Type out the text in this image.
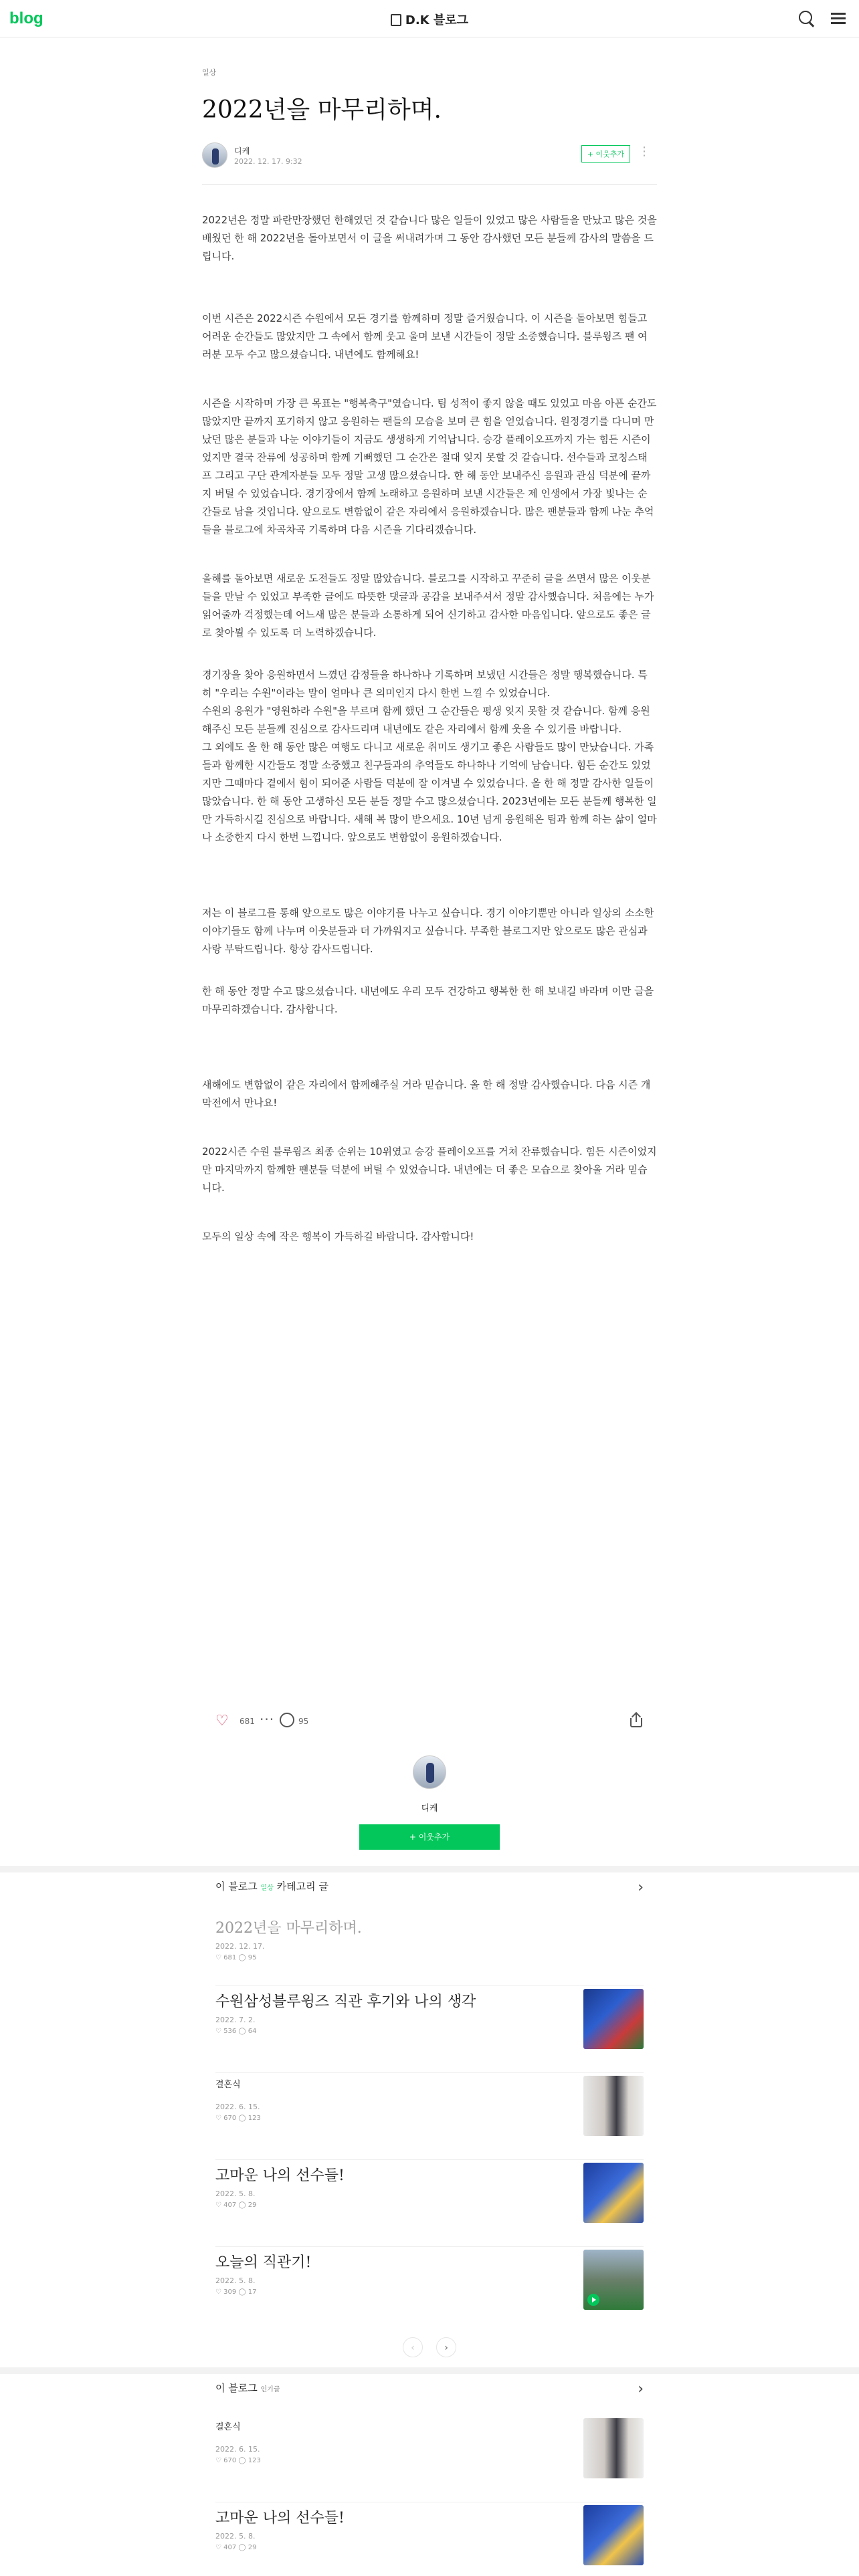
blog	D.K 블로그
일상
2022년을 마무리하며.
디케
2022. 12. 17. 9:32
+ 이웃추가	⋮

2022년은 정말 파란만장했던 한해였던 것 같습니다 많은 일들이 있었고 많은 사람들을 만났고 많은 것을 배웠던 한 해 2022년을 돌아보면서 이 글을 써내려가며 그 동안 감사했던 모든 분들께 감사의 말씀을 드립니다.

이번 시즌은 2022시즌 수원에서 모든 경기를 함께하며 정말 즐거웠습니다. 이 시즌을 돌아보면 힘들고 어려운 순간들도 많았지만 그 속에서 함께 웃고 울며 보낸 시간들이 정말 소중했습니다. 블루윙즈 팬 여러분 모두 수고 많으셨습니다. 내년에도 함께해요!

시즌을 시작하며 가장 큰 목표는 "행복축구"였습니다. 팀 성적이 좋지 않을 때도 있었고 마음 아픈 순간도 많았지만 끝까지 포기하지 않고 응원하는 팬들의 모습을 보며 큰 힘을 얻었습니다. 원정경기를 다니며 만났던 많은 분들과 나눈 이야기들이 지금도 생생하게 기억납니다. 승강 플레이오프까지 가는 힘든 시즌이었지만 결국 잔류에 성공하며 함께 기뻐했던 그 순간은 절대 잊지 못할 것 같습니다. 선수들과 코칭스태프 그리고 구단 관계자분들 모두 정말 고생 많으셨습니다. 한 해 동안 보내주신 응원과 관심 덕분에 끝까지 버틸 수 있었습니다. 경기장에서 함께 노래하고 응원하며 보낸 시간들은 제 인생에서 가장 빛나는 순간들로 남을 것입니다. 앞으로도 변함없이 같은 자리에서 응원하겠습니다. 많은 팬분들과 함께 나눈 추억들을 블로그에 차곡차곡 기록하며 다음 시즌을 기다리겠습니다.

올해를 돌아보면 새로운 도전들도 정말 많았습니다. 블로그를 시작하고 꾸준히 글을 쓰면서 많은 이웃분들을 만날 수 있었고 부족한 글에도 따뜻한 댓글과 공감을 보내주셔서 정말 감사했습니다. 처음에는 누가 읽어줄까 걱정했는데 어느새 많은 분들과 소통하게 되어 신기하고 감사한 마음입니다. 앞으로도 좋은 글로 찾아뵐 수 있도록 더 노력하겠습니다.

경기장을 찾아 응원하면서 느꼈던 감정들을 하나하나 기록하며 보냈던 시간들은 정말 행복했습니다. 특히 "우리는 수원"이라는 말이 얼마나 큰 의미인지 다시 한번 느낄 수 있었습니다.

수원의 응원가 "영원하라 수원"을 부르며 함께 했던 그 순간들은 평생 잊지 못할 것 같습니다. 함께 응원해주신 모든 분들께 진심으로 감사드리며 내년에도 같은 자리에서 함께 웃을 수 있기를 바랍니다.

그 외에도 올 한 해 동안 많은 여행도 다니고 새로운 취미도 생기고 좋은 사람들도 많이 만났습니다. 가족들과 함께한 시간들도 정말 소중했고 친구들과의 추억들도 하나하나 기억에 남습니다. 힘든 순간도 있었지만 그때마다 곁에서 힘이 되어준 사람들 덕분에 잘 이겨낼 수 있었습니다. 올 한 해 정말 감사한 일들이 많았습니다. 한 해 동안 고생하신 모든 분들 정말 수고 많으셨습니다. 2023년에는 모든 분들께 행복한 일만 가득하시길 진심으로 바랍니다. 새해 복 많이 받으세요. 10년 넘게 응원해온 팀과 함께 하는 삶이 얼마나 소중한지 다시 한번 느낍니다. 앞으로도 변함없이 응원하겠습니다.

저는 이 블로그를 통해 앞으로도 많은 이야기를 나누고 싶습니다. 경기 이야기뿐만 아니라 일상의 소소한 이야기들도 함께 나누며 이웃분들과 더 가까워지고 싶습니다. 부족한 블로그지만 앞으로도 많은 관심과 사랑 부탁드립니다. 항상 감사드립니다.

한 해 동안 정말 수고 많으셨습니다. 내년에도 우리 모두 건강하고 행복한 한 해 보내길 바라며 이만 글을 마무리하겠습니다. 감사합니다.

새해에도 변함없이 같은 자리에서 함께해주실 거라 믿습니다. 올 한 해 정말 감사했습니다. 다음 시즌 개막전에서 만나요!

2022시즌 수원 블루윙즈 최종 순위는 10위였고 승강 플레이오프를 거쳐 잔류했습니다. 힘든 시즌이었지만 마지막까지 함께한 팬분들 덕분에 버틸 수 있었습니다. 내년에는 더 좋은 모습으로 찾아올 거라 믿습니다.

모두의 일상 속에 작은 행복이 가득하길 바랍니다. 감사합니다!

♡ 681 ···	95
디케
+ 이웃추가
이 블로그 일상 카테고리 글	›
2022년을 마무리하며.
2022. 12. 17.
♡ 681 ◯ 95
수원삼성블루윙즈 직관 후기와 나의 생각
2022. 7. 2.
♡ 536 ◯ 64
결혼식
2022. 6. 15.
♡ 670 ◯ 123
고마운 나의 선수들!
2022. 5. 8.
♡ 407 ◯ 29
오늘의 직관기!
2022. 5. 8.
♡ 309 ◯ 17
‹	›
이 블로그 인기글	›
결혼식
2022. 6. 15.
♡ 670 ◯ 123
고마운 나의 선수들!
2022. 5. 8.
♡ 407 ◯ 29
